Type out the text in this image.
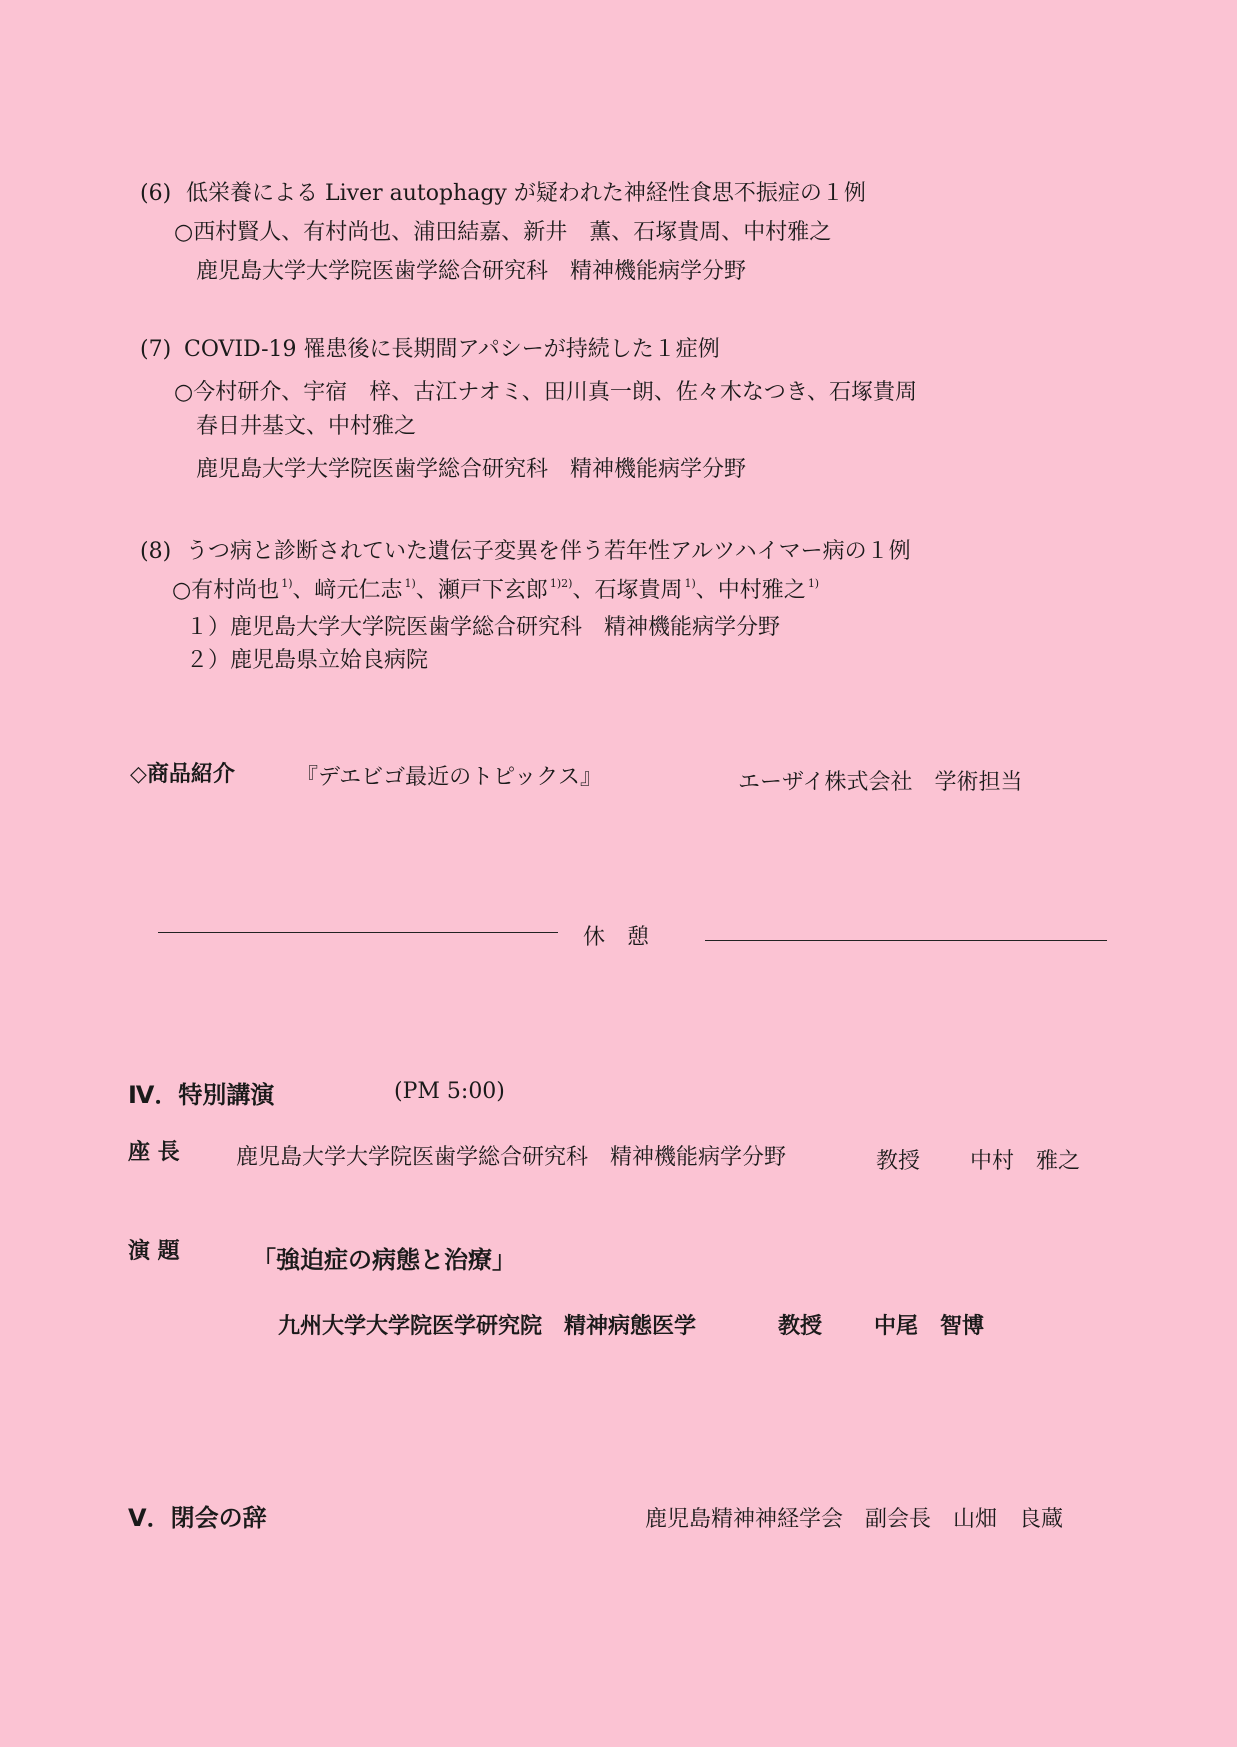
(6) 低栄養による Liver autophagy が疑われた神経性食思不振症の１例
○西村賢人、有村尚也、浦田結嘉、新井　薫、石塚貴周、中村雅之
鹿児島大学大学院医歯学総合研究科　精神機能病学分野
(7) COVID-19 罹患後に長期間アパシーが持続した１症例
○今村研介、宇宿　梓、古江ナオミ、田川真一朗、佐々木なつき、石塚貴周
春日井基文、中村雅之
鹿児島大学大学院医歯学総合研究科　精神機能病学分野
(8) うつ病と診断されていた遺伝子変異を伴う若年性アルツハイマー病の１例
○有村尚也 $^{1)}$、﨑元仁志 $^{1)}$、瀬戸下玄郎 $^{1)2)}$、石塚貴周 $^{1)}$、中村雅之 $^{1)}$
１）鹿児島大学大学院医歯学総合研究科　精神機能病学分野
２）鹿児島県立姶良病院
◇商品紹介	『デエビゴ最近のトピックス』	エーザイ株式会社　学術担当
休　憩
Ⅳ．特別講演	(PM 5:00)
座 長	鹿児島大学大学院医歯学総合研究科　精神機能病学分野	教授 中村　雅之
演 題	「強迫症の病態と治療」
九州大学大学院医学研究院　精神病態医学	教授 中尾　智博
Ⅴ．閉会の辞	鹿児島精神神経学会　副会長　山畑　良蔵
